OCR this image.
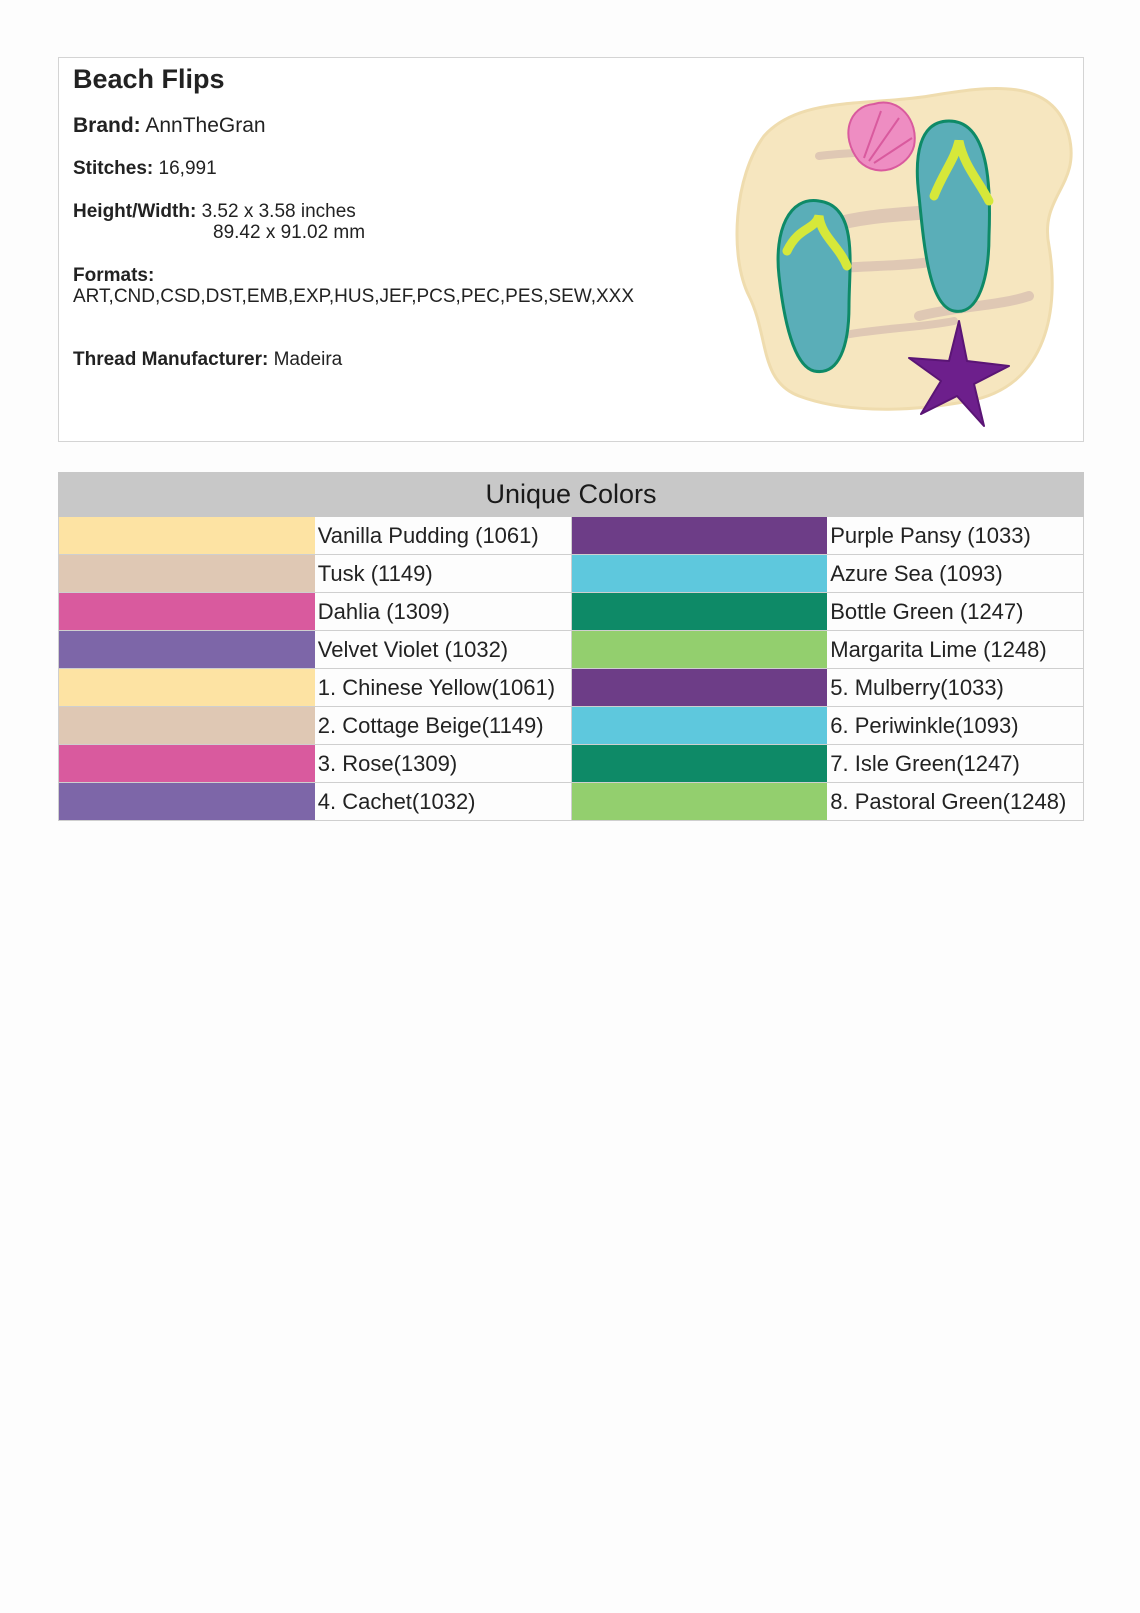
Beach Flips
Brand: AnnTheGran
Stitches: 16,991
Height/Width: 3.52 x 3.58 inches
89.42 x 91.02 mm
Formats:
ART,CND,CSD,DST,EMB,EXP,HUS,JEF,PCS,PEC,PES,SEW,XXX
Thread Manufacturer: Madeira
Unique Colors			
	Vanilla Pudding (1061)		Purple Pansy (1033)
	Tusk (1149)		Azure Sea (1093)
	Dahlia (1309)		Bottle Green (1247)
	Velvet Violet (1032)		Margarita Lime (1248)
	1. Chinese Yellow(1061)		5. Mulberry(1033)
	2. Cottage Beige(1149)		6. Periwinkle(1093)
	3. Rose(1309)		7. Isle Green(1247)
	4. Cachet(1032)		8. Pastoral Green(1248)
